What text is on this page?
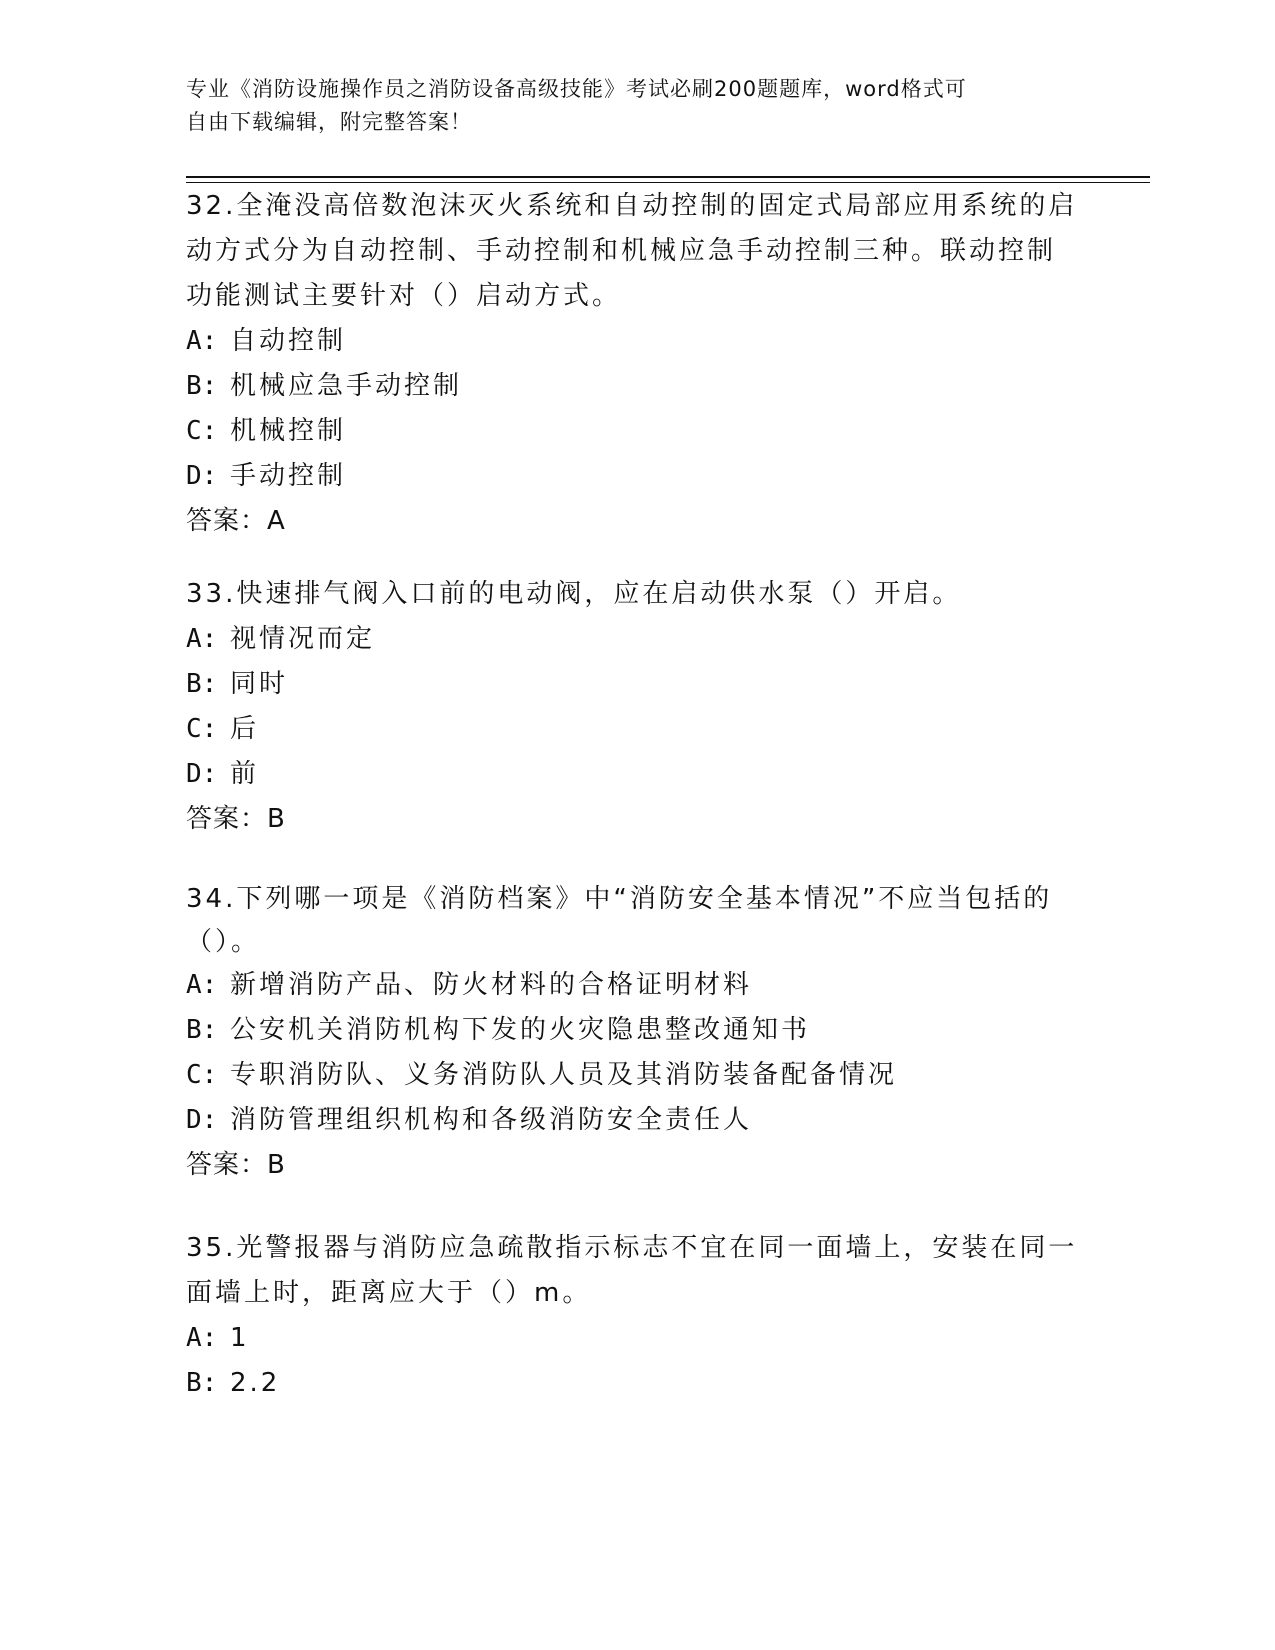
专业《消防设施操作员之消防设备高级技能》考试必刷200题题库，word格式可
自由下载编辑，附完整答案！

32.全淹没高倍数泡沫灭火系统和自动控制的固定式局部应用系统的启

动方式分为自动控制、手动控制和机械应急手动控制三种。联动控制

功能测试主要针对（）启动方式。

A: 自动控制

B: 机械应急手动控制

C: 机械控制

D: 手动控制

答案：A

33.快速排气阀入口前的电动阀，应在启动供水泵（）开启。

A: 视情况而定

B: 同时

C: 后

D: 前

答案：B

34.下列哪一项是《消防档案》中“消防安全基本情况”不应当包括的

（）。

A: 新增消防产品、防火材料的合格证明材料

B: 公安机关消防机构下发的火灾隐患整改通知书

C: 专职消防队、义务消防队人员及其消防装备配备情况

D: 消防管理组织机构和各级消防安全责任人

答案：B

35.光警报器与消防应急疏散指示标志不宜在同一面墙上，安装在同一

面墙上时，距离应大于（）m。

A: 1

B: 2.2
